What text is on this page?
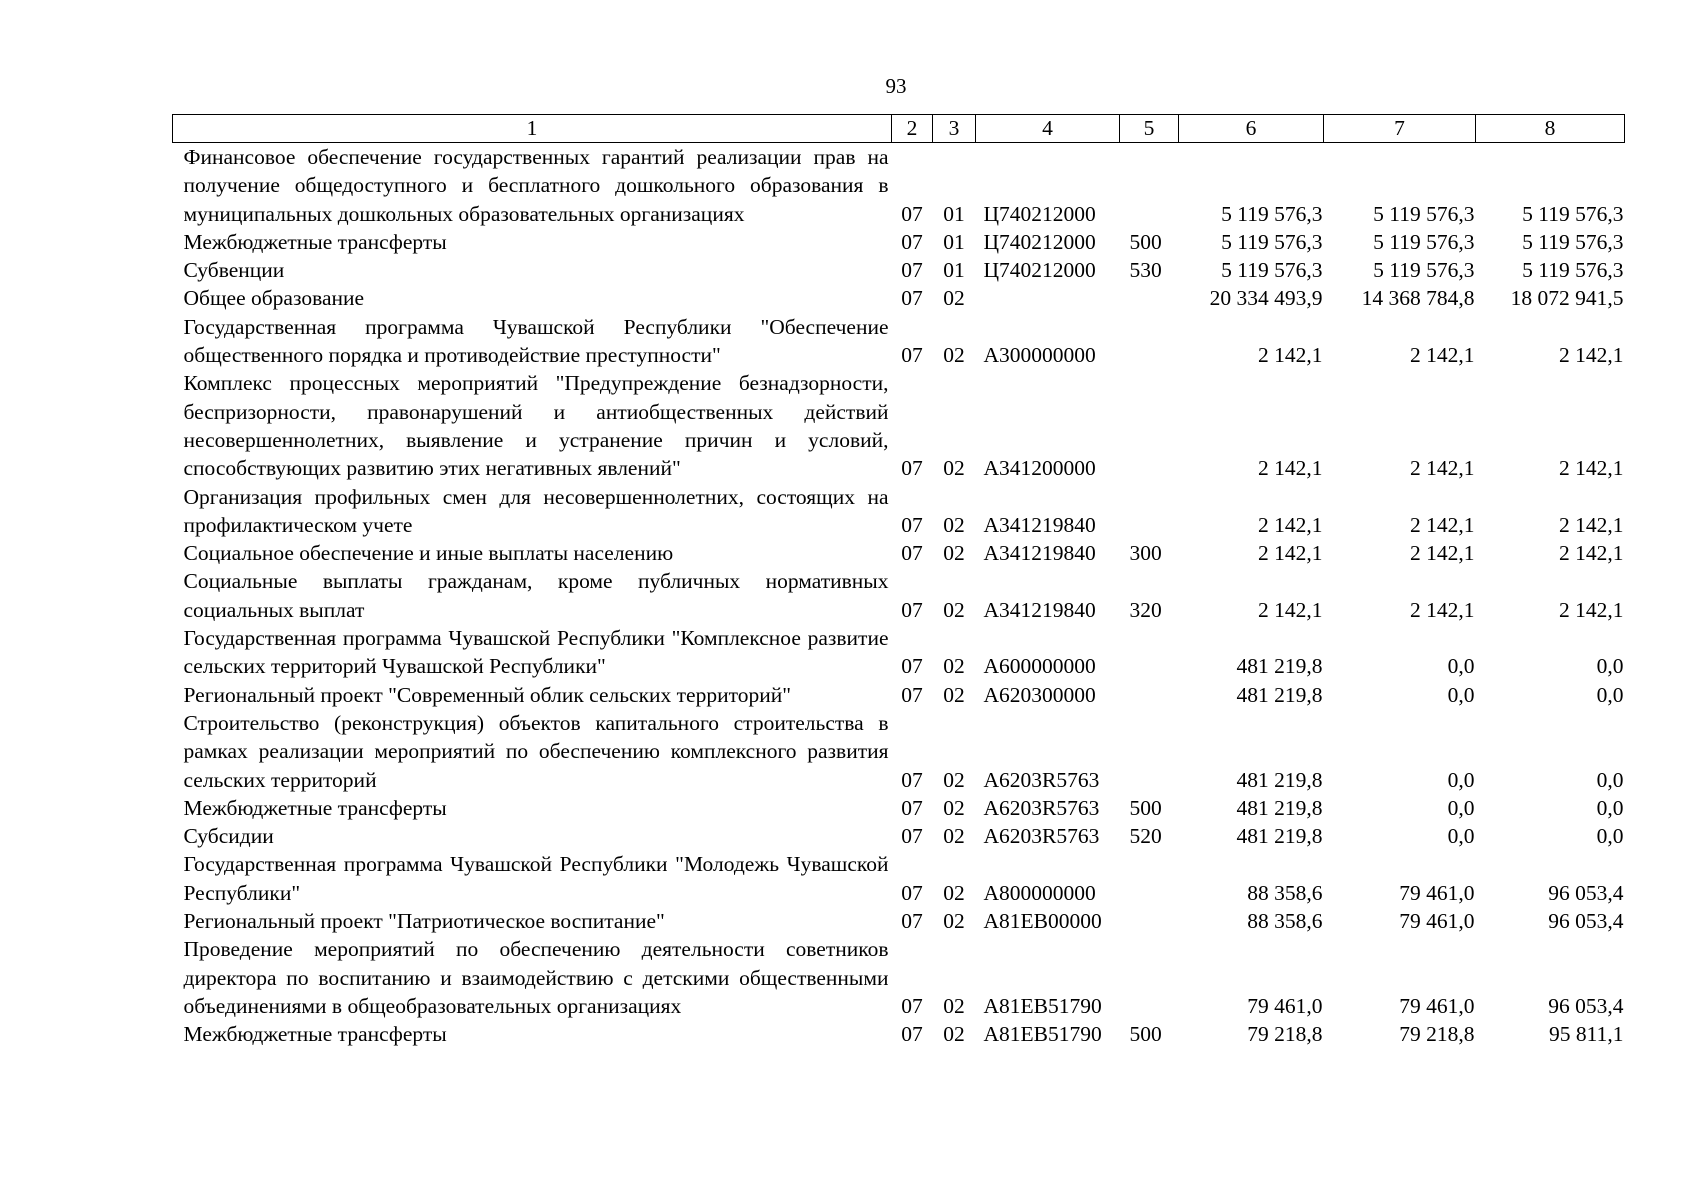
93
1	2	3	4	5	6	7	8
Финансовое обеспечение государственных гарантий реализации прав на получение общедоступного и бесплатного дошкольного образования в муниципальных дошкольных образовательных организациях	07	01	Ц740212000		5 119 576,3	5 119 576,3	5 119 576,3
Межбюджетные трансферты	07	01	Ц740212000	500	5 119 576,3	5 119 576,3	5 119 576,3
Субвенции	07	01	Ц740212000	530	5 119 576,3	5 119 576,3	5 119 576,3
Общее образование	07	02			20 334 493,9	14 368 784,8	18 072 941,5
Государственная программа Чувашской Республики "Обеспечение общественного порядка и противодействие преступности"	07	02	А300000000		2 142,1	2 142,1	2 142,1
Комплекс процессных мероприятий "Предупреждение безнадзорности, беспризорности, правонарушений и антиобщественных действий несовершеннолетних, выявление и устранение причин и условий, способствующих развитию этих негативных явлений"	07	02	А341200000		2 142,1	2 142,1	2 142,1
Организация профильных смен для несовершеннолетних, состоящих на профилактическом учете	07	02	А341219840		2 142,1	2 142,1	2 142,1
Социальное обеспечение и иные выплаты населению	07	02	А341219840	300	2 142,1	2 142,1	2 142,1
Социальные выплаты гражданам, кроме публичных нормативных социальных выплат	07	02	А341219840	320	2 142,1	2 142,1	2 142,1
Государственная программа Чувашской Республики "Комплексное развитие сельских территорий Чувашской Республики"	07	02	А600000000		481 219,8	0,0	0,0
Региональный проект "Современный облик сельских территорий"	07	02	А620300000		481 219,8	0,0	0,0
Строительство (реконструкция) объектов капитального строительства в рамках реализации мероприятий по обеспечению комплексного развития сельских территорий	07	02	А6203R5763		481 219,8	0,0	0,0
Межбюджетные трансферты	07	02	А6203R5763	500	481 219,8	0,0	0,0
Субсидии	07	02	А6203R5763	520	481 219,8	0,0	0,0
Государственная программа Чувашской Республики "Молодежь Чувашской Республики"	07	02	А800000000		88 358,6	79 461,0	96 053,4
Региональный проект "Патриотическое воспитание"	07	02	А81ЕВ00000		88 358,6	79 461,0	96 053,4
Проведение мероприятий по обеспечению деятельности советников директора по воспитанию и взаимодействию с детскими общественными объединениями в общеобразовательных организациях	07	02	А81ЕВ51790		79 461,0	79 461,0	96 053,4
Межбюджетные трансферты	07	02	А81ЕВ51790	500	79 218,8	79 218,8	95 811,1
